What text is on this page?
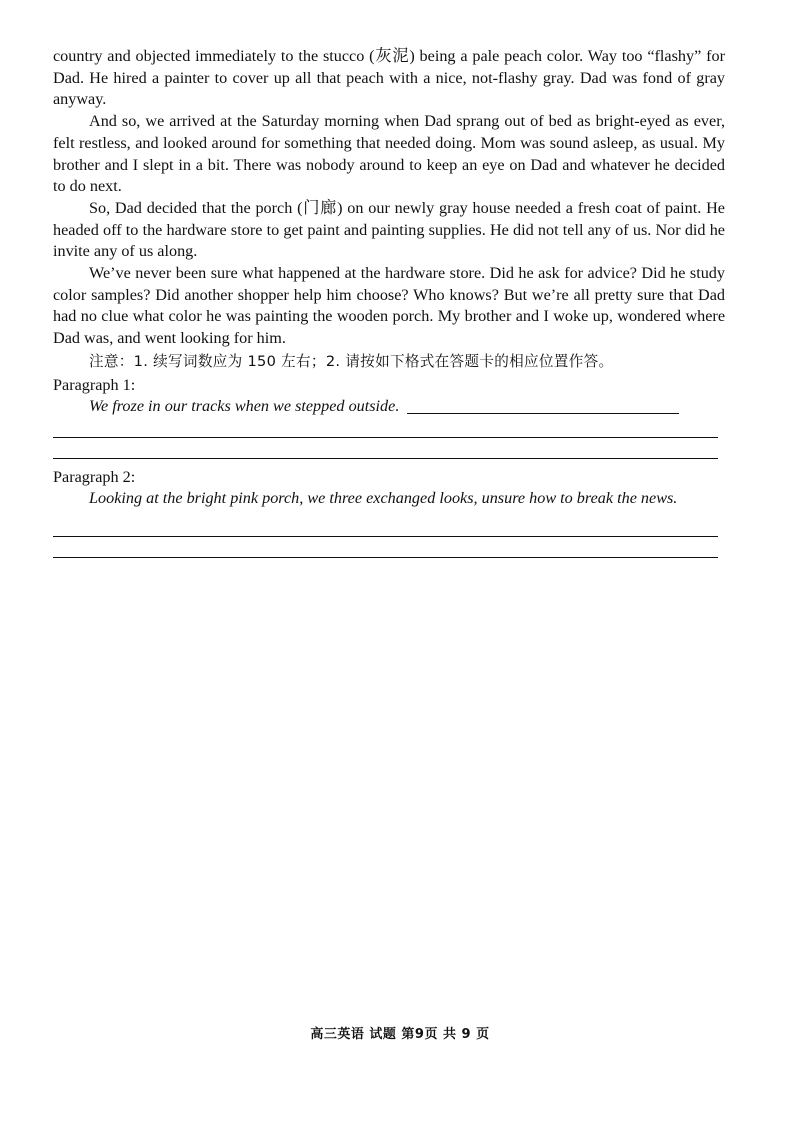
country and objected immediately to the stucco (灰泥) being a pale peach color. Way too “flashy” for Dad. He hired a painter to cover up all that peach with a nice, not-flashy gray. Dad was fond of gray anyway.

And so, we arrived at the Saturday morning when Dad sprang out of bed as bright-eyed as ever, felt restless, and looked around for something that needed doing. Mom was sound asleep, as usual. My brother and I slept in a bit. There was nobody around to keep an eye on Dad and whatever he decided to do next.

So, Dad decided that the porch (门廊) on our newly gray house needed a fresh coat of paint. He headed off to the hardware store to get paint and painting supplies. He did not tell any of us. Nor did he invite any of us along.

We’ve never been sure what happened at the hardware store. Did he ask for advice? Did he study color samples? Did another shopper help him choose? Who knows? But we’re all pretty sure that Dad had no clue what color he was painting the wooden porch. My brother and I woke up, wondered where Dad was, and went looking for him.

注意：1. 续写词数应为 150 左右；2. 请按如下格式在答题卡的相应位置作答。

Paragraph 1:

We froze in our tracks when we stepped outside.

Paragraph 2:

Looking at the bright pink porch, we three exchanged looks, unsure how to break the news.

高三英语 试题 第9页 共 9 页
